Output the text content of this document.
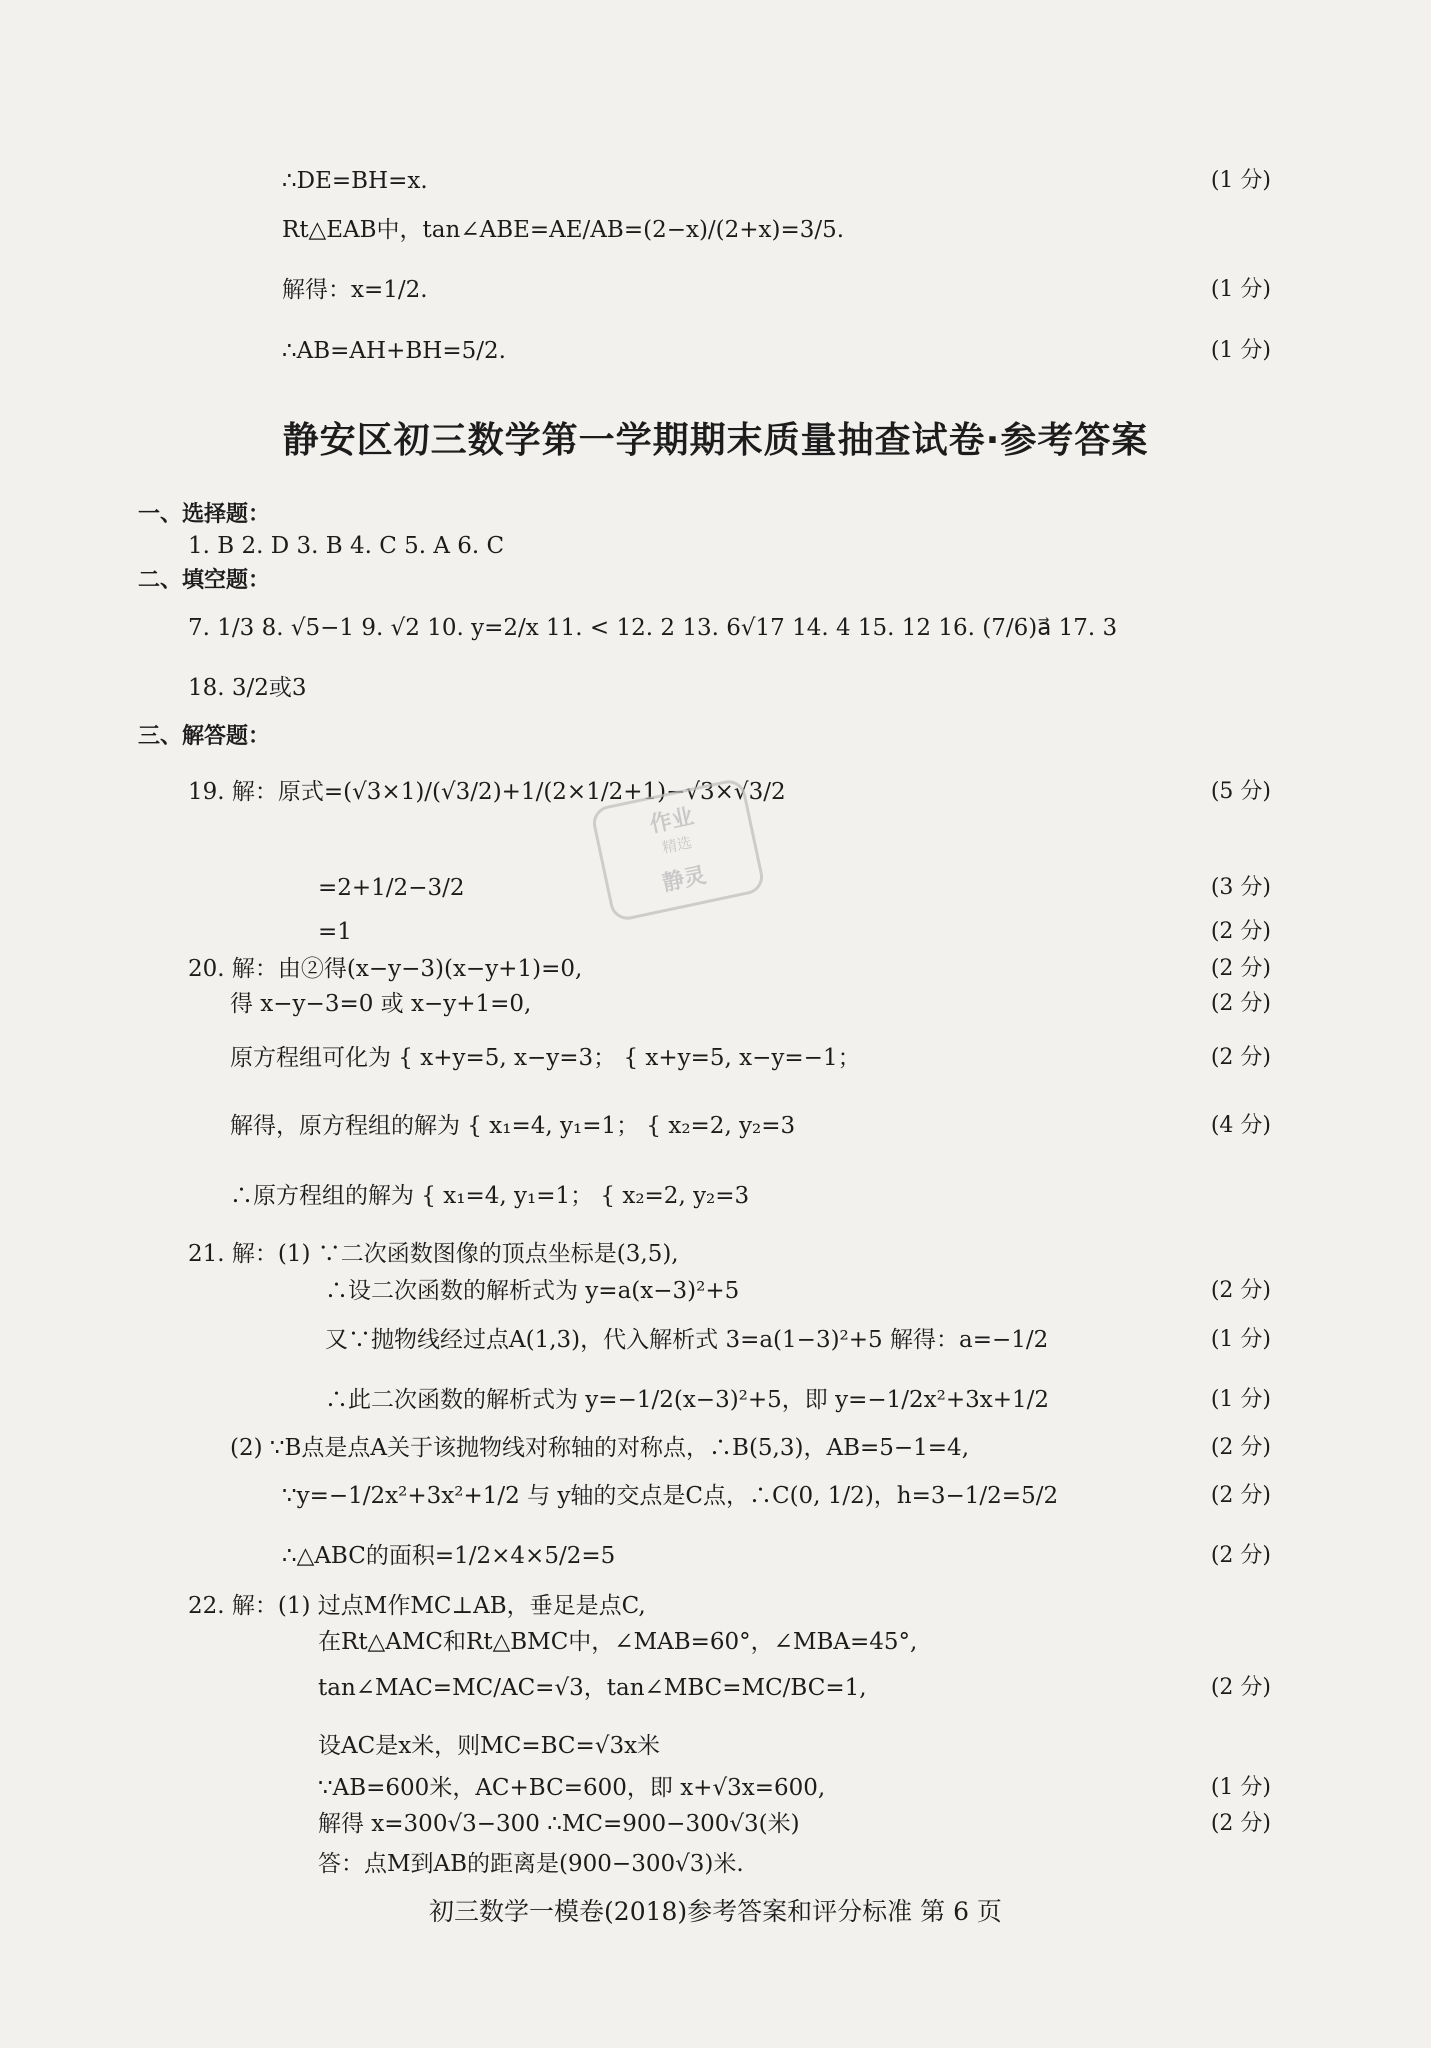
∴DE=BH=x.	(1 分)
Rt△EAB中，tan∠ABE=AE/AB=(2−x)/(2+x)=3/5.
解得：x=1/2.	(1 分)
∴AB=AH+BH=5/2.	(1 分)
静安区初三数学第一学期期末质量抽查试卷·参考答案
一、选择题：
1. B 2. D 3. B 4. C 5. A 6. C
二、填空题：
7. 1/3 8. √5−1 9. √2 10. y=2/x 11. < 12. 2 13. 6√17 14. 4 15. 12 16. (7/6)a⃗ 17. 3
18. 3/2或3
三、解答题：
19. 解：原式=(√3×1)/(√3/2)+1/(2×1/2+1)−√3×√3/2	(5 分)
=2+1/2−3/2	(3 分)
=1	(2 分)
作业
精选
静灵
20. 解：由②得(x−y−3)(x−y+1)=0,	(2 分)
得 x−y−3=0 或 x−y+1=0,	(2 分)
原方程组可化为 { x+y=5, x−y=3； { x+y=5, x−y=−1；	(2 分)
解得，原方程组的解为 { x₁=4, y₁=1； { x₂=2, y₂=3	(4 分)
∴原方程组的解为 { x₁=4, y₁=1； { x₂=2, y₂=3
21. 解：(1) ∵二次函数图像的顶点坐标是(3,5),
∴设二次函数的解析式为 y=a(x−3)²+5	(2 分)
又∵抛物线经过点A(1,3)，代入解析式 3=a(1−3)²+5 解得：a=−1/2	(1 分)
∴此二次函数的解析式为 y=−1/2(x−3)²+5，即 y=−1/2x²+3x+1/2	(1 分)
(2) ∵B点是点A关于该抛物线对称轴的对称点，∴B(5,3)，AB=5−1=4,	(2 分)
∵y=−1/2x²+3x²+1/2 与 y轴的交点是C点，∴C(0, 1/2)，h=3−1/2=5/2	(2 分)
∴△ABC的面积=1/2×4×5/2=5	(2 分)
22. 解：(1) 过点M作MC⊥AB，垂足是点C,
在Rt△AMC和Rt△BMC中，∠MAB=60°，∠MBA=45°,
tan∠MAC=MC/AC=√3，tan∠MBC=MC/BC=1,	(2 分)
设AC是x米，则MC=BC=√3x米
∵AB=600米，AC+BC=600，即 x+√3x=600,	(1 分)
解得 x=300√3−300 ∴MC=900−300√3(米)	(2 分)
答：点M到AB的距离是(900−300√3)米.
初三数学一模卷(2018)参考答案和评分标准 第 6 页
